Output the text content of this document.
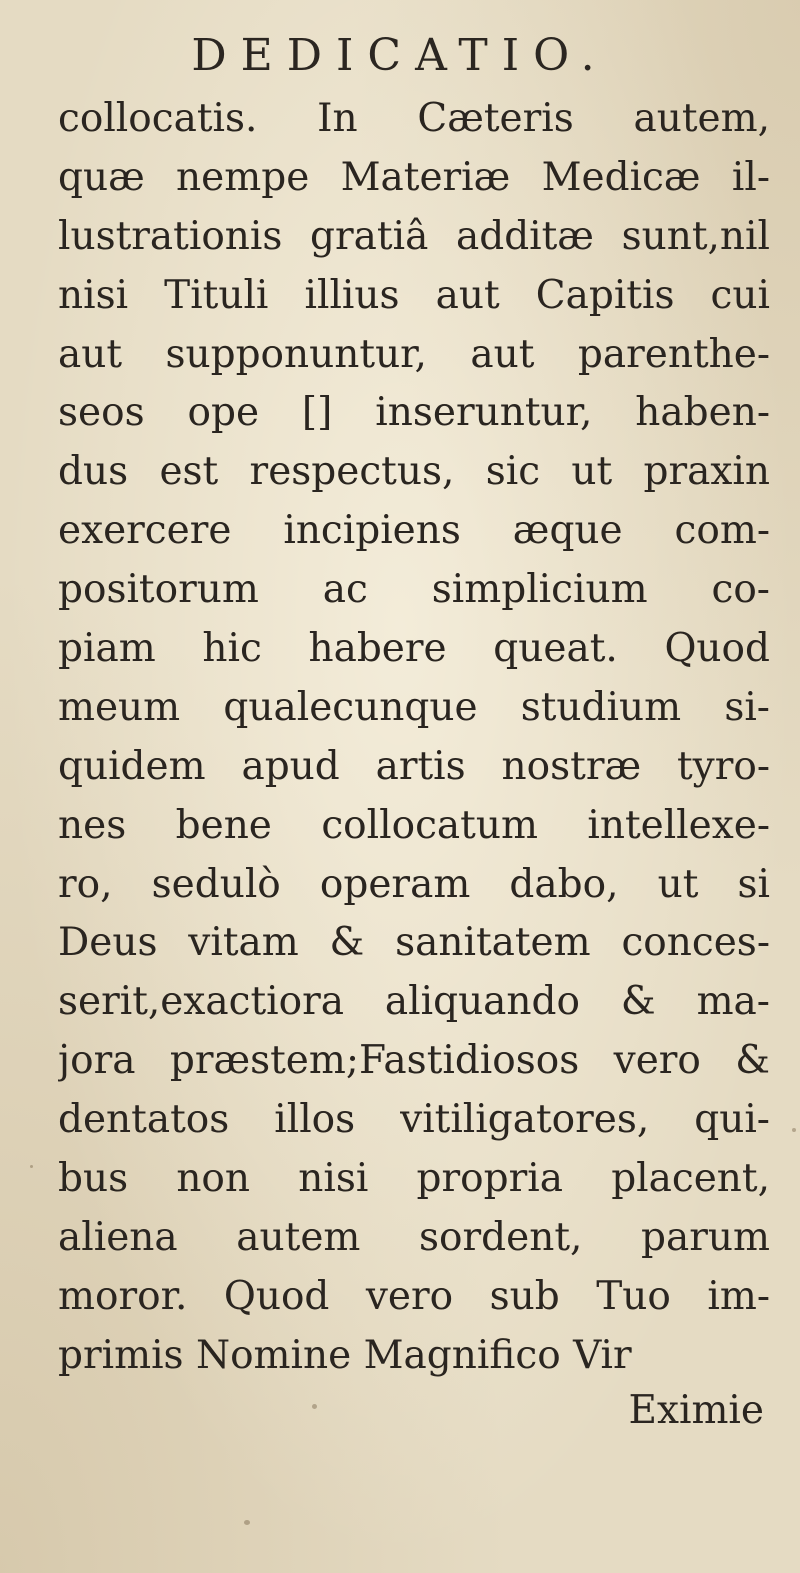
DEDICATIO.
collocatis. In Cæteris autem,
quæ nempe Materiæ Medicæ il-
lustrationis gratiâ additæ sunt,nil
nisi Tituli illius aut Capitis cui
aut supponuntur, aut parenthe-
seos ope [] inseruntur, haben-
dus est respectus, sic ut praxin
exercere incipiens æque com-
positorum ac simplicium co-
piam hic habere queat. Quod
meum qualecunque studium si-
quidem apud artis nostræ tyro-
nes bene collocatum intellexe-
ro, sedulò operam dabo, ut si
Deus vitam & sanitatem conces-
serit,exactiora aliquando & ma-
jora præstem;Fastidiosos vero &
dentatos illos vitiligatores, qui-
bus non nisi propria placent,
aliena autem sordent, parum
moror. Quod vero sub Tuo im-
primis Nomine Magnifico Vir
Eximie
